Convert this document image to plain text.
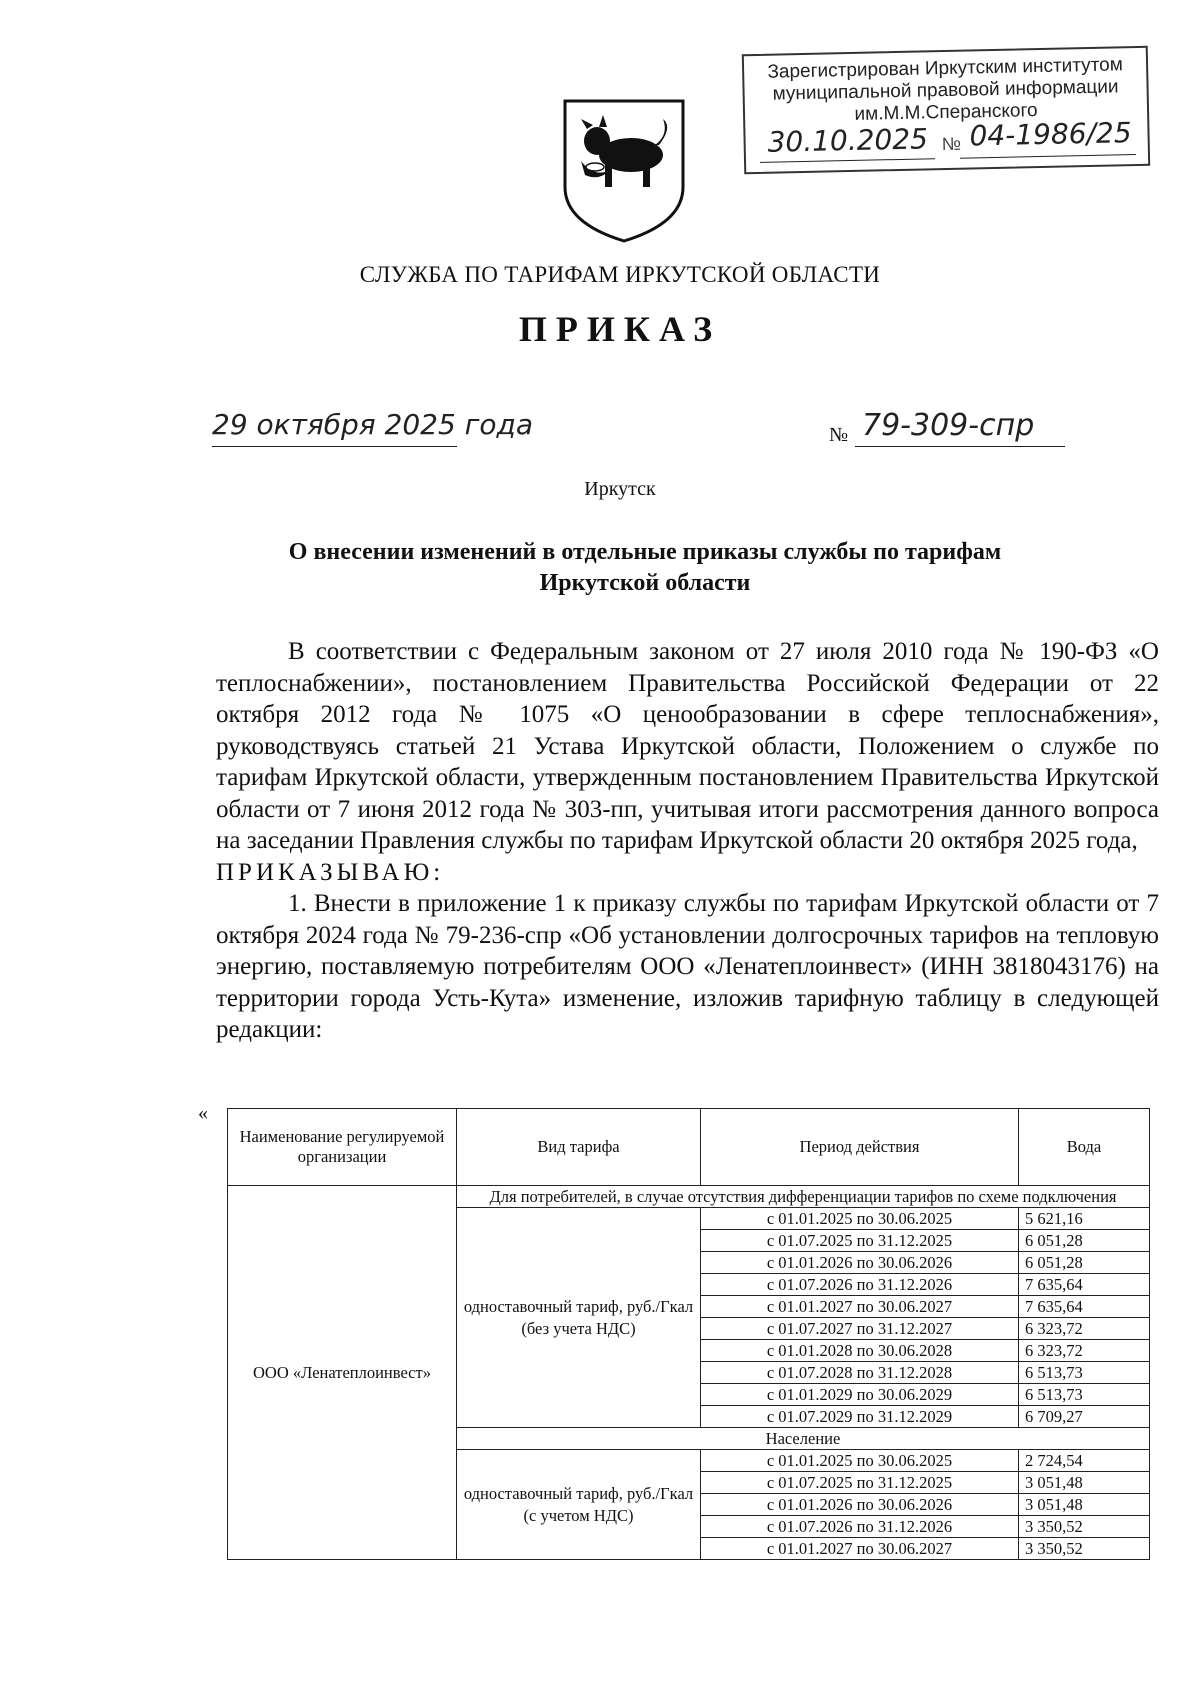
Зарегистрирован Иркутским институтом
муниципальной правовой информации
им.М.М.Сперанского
30.10.2025 № 04-1986/25
СЛУЖБА ПО ТАРИФАМ ИРКУТСКОЙ ОБЛАСТИ
ПРИКАЗ
29 октября 2025 года	№ 79-309-спр
Иркутск
О внесении изменений в отдельные приказы службы по тарифам Иркутской области

В соответствии с Федеральным законом от 27 июля 2010 года № 190-ФЗ «О теплоснабжении», постановлением Правительства Российской Федерации от 22 октября 2012 года № 1075 «О ценообразовании в сфере теплоснабжения», руководствуясь статьей 21 Устава Иркутской области, Положением о службе по тарифам Иркутской области, утвержденным постановлением Правительства Иркутской области от 7 июня 2012 года № 303-пп, учитывая итоги рассмотрения данного вопроса на заседании Правления службы по тарифам Иркутской области 20 октября 2025 года,

ПРИКАЗЫВАЮ:

1. Внести в приложение 1 к приказу службы по тарифам Иркутской области от 7 октября 2024 года № 79-236-спр «Об установлении долгосрочных тарифов на тепловую энергию, поставляемую потребителям ООО «Ленатеплоинвест» (ИНН 3818043176) на территории города Усть-Кута» изменение, изложив тарифную таблицу в следующей редакции:

«
Наименование регулируемой организации	Вид тарифа	Период действия	Вода
ООО «Ленатеплоинвест»	Для потребителей, в случае отсутствия дифференциации тарифов по схеме подключения		
	одноставочный тариф, руб./Гкал (без учета НДС)	с 01.01.2025 по 30.06.2025	5 621,16
		с 01.07.2025 по 31.12.2025	6 051,28
		с 01.01.2026 по 30.06.2026	6 051,28
		с 01.07.2026 по 31.12.2026	7 635,64
		с 01.01.2027 по 30.06.2027	7 635,64
		с 01.07.2027 по 31.12.2027	6 323,72
		с 01.01.2028 по 30.06.2028	6 323,72
		с 01.07.2028 по 31.12.2028	6 513,73
		с 01.01.2029 по 30.06.2029	6 513,73
		с 01.07.2029 по 31.12.2029	6 709,27
	Население		
	одноставочный тариф, руб./Гкал (с учетом НДС)	с 01.01.2025 по 30.06.2025	2 724,54
		с 01.07.2025 по 31.12.2025	3 051,48
		с 01.01.2026 по 30.06.2026	3 051,48
		с 01.07.2026 по 31.12.2026	3 350,52
		с 01.01.2027 по 30.06.2027	3 350,52
